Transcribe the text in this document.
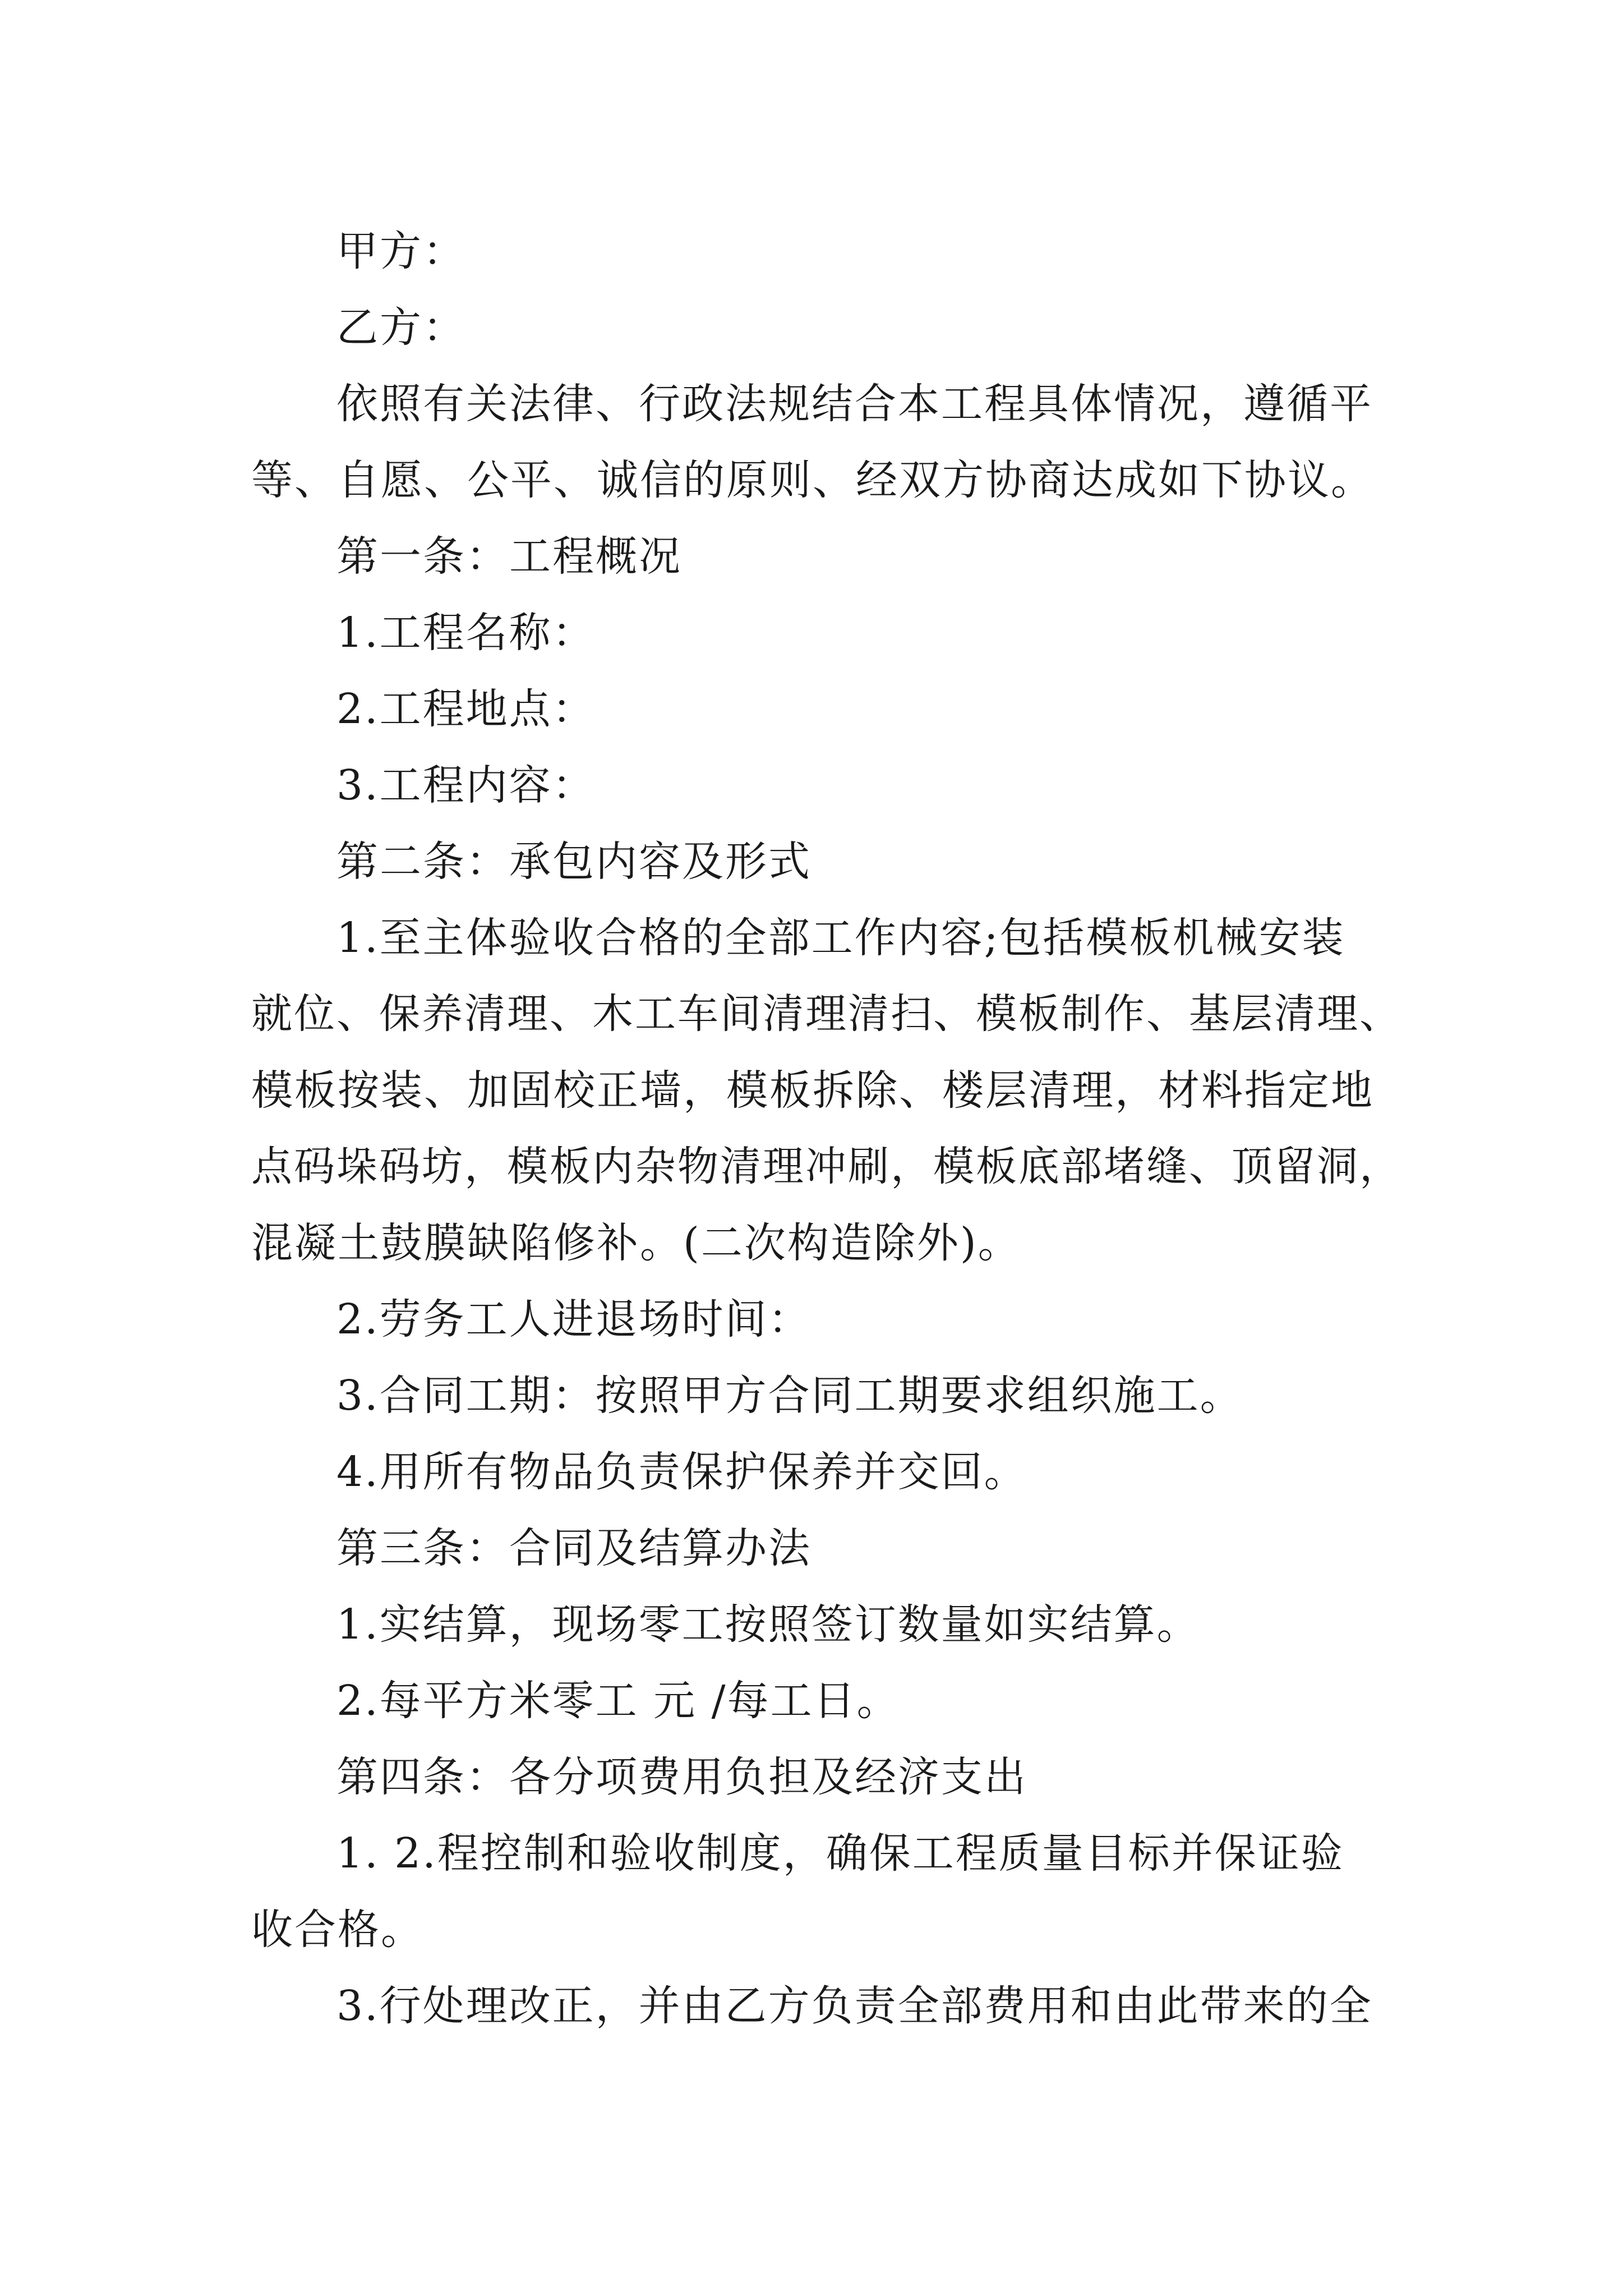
甲方：
乙方：
依照有关法律、行政法规结合本工程具体情况，遵循平
等、自愿、公平、诚信的原则、经双方协商达成如下协议。
第一条：工程概况
1.工程名称：
2.工程地点：
3.工程内容：
第二条：承包内容及形式
1.至主体验收合格的全部工作内容;包括模板机械安装
就位、保养清理、木工车间清理清扫、模板制作、基层清理、
模板按装、加固校正墙，模板拆除、楼层清理，材料指定地
点码垛码坊，模板内杂物清理冲刷，模板底部堵缝、顶留洞，
混凝土鼓膜缺陷修补。(二次构造除外)。
2.劳务工人进退场时间：
3.合同工期：按照甲方合同工期要求组织施工。
4.用所有物品负责保护保养并交回。
第三条：合同及结算办法
1.实结算，现场零工按照签订数量如实结算。
2.每平方米零工 元 /每工日。
第四条：各分项费用负担及经济支出
1. 2.程控制和验收制度，确保工程质量目标并保证验
收合格。
3.行处理改正，并由乙方负责全部费用和由此带来的全
